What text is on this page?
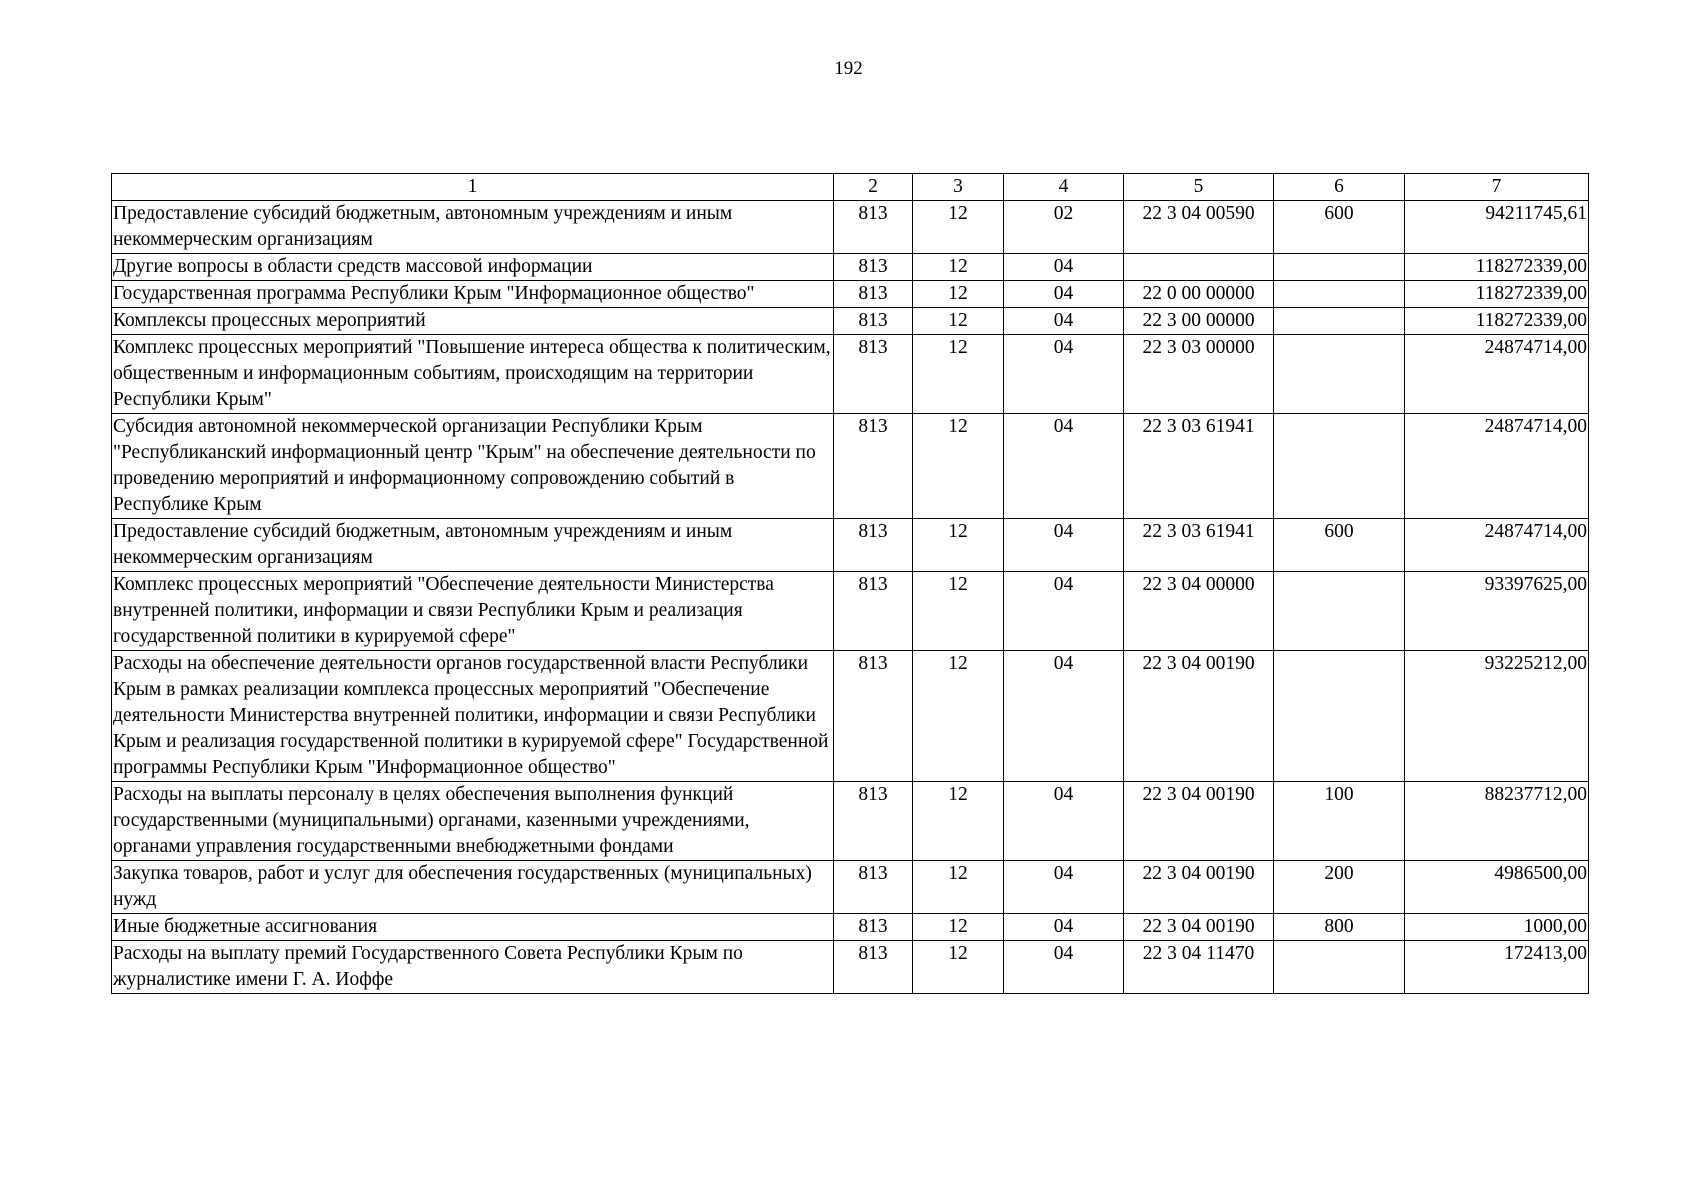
192
1	2	3	4	5	6	7
Предоставление субсидий бюджетным, автономным учреждениям и иным некоммерческим организациям	813	12	02	22 3 04 00590	600	94211745,61
Другие вопросы в области средств массовой информации	813	12	04			118272339,00
Государственная программа Республики Крым "Информационное общество"	813	12	04	22 0 00 00000		118272339,00
Комплексы процессных мероприятий	813	12	04	22 3 00 00000		118272339,00
Комплекс процессных мероприятий "Повышение интереса общества к политическим, общественным и информационным событиям, происходящим на территории Республики Крым"	813	12	04	22 3 03 00000		24874714,00
Субсидия автономной некоммерческой организации Республики Крым "Республиканский информационный центр "Крым" на обеспечение деятельности по проведению мероприятий и информационному сопровождению событий в Республике Крым	813	12	04	22 3 03 61941		24874714,00
Предоставление субсидий бюджетным, автономным учреждениям и иным некоммерческим организациям	813	12	04	22 3 03 61941	600	24874714,00
Комплекс процессных мероприятий "Обеспечение деятельности Министерства внутренней политики, информации и связи Республики Крым и реализация государственной политики в курируемой сфере"	813	12	04	22 3 04 00000		93397625,00
Расходы на обеспечение деятельности органов государственной власти Республики Крым в рамках реализации комплекса процессных мероприятий "Обеспечение деятельности Министерства внутренней политики, информации и связи Республики Крым и реализация государственной политики в курируемой сфере" Государственной программы Республики Крым "Информационное общество"	813	12	04	22 3 04 00190		93225212,00
Расходы на выплаты персоналу в целях обеспечения выполнения функций государственными (муниципальными) органами, казенными учреждениями, органами управления государственными внебюджетными фондами	813	12	04	22 3 04 00190	100	88237712,00
Закупка товаров, работ и услуг для обеспечения государственных (муниципальных) нужд	813	12	04	22 3 04 00190	200	4986500,00
Иные бюджетные ассигнования	813	12	04	22 3 04 00190	800	1000,00
Расходы на выплату премий Государственного Совета Республики Крым по журналистике имени Г. А. Иоффе	813	12	04	22 3 04 11470		172413,00
